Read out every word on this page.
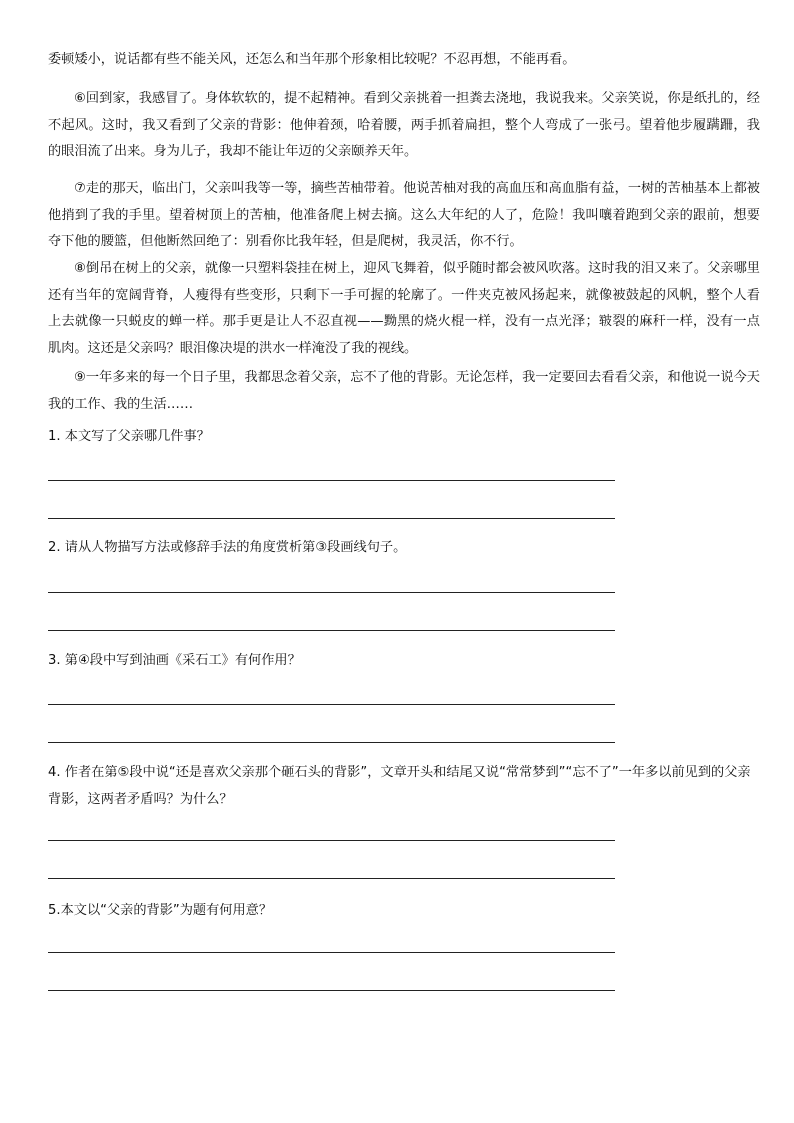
委顿矮小，说话都有些不能关风，还怎么和当年那个形象相比较呢？不忍再想，不能再看。

⑥回到家，我感冒了。身体软软的，提不起精神。看到父亲挑着一担粪去浇地，我说我来。父亲笑说，你是纸扎的，经不起风。这时，我又看到了父亲的背影：他伸着颈，哈着腰，两手抓着扁担，整个人弯成了一张弓。望着他步履蹒跚，我的眼泪流了出来。身为儿子，我却不能让年迈的父亲颐养天年。

⑦走的那天，临出门，父亲叫我等一等，摘些苦柚带着。他说苦柚对我的高血压和高血脂有益，一树的苦柚基本上都被他捎到了我的手里。望着树顶上的苦柚，他准备爬上树去摘。这么大年纪的人了，危险！我叫嚷着跑到父亲的跟前，想要夺下他的腰篮，但他断然回绝了：别看你比我年轻，但是爬树，我灵活，你不行。

⑧倒吊在树上的父亲，就像一只塑料袋挂在树上，迎风飞舞着，似乎随时都会被风吹落。这时我的泪又来了。父亲哪里还有当年的宽阔背脊，人瘦得有些变形，只剩下一手可握的轮廓了。一件夹克被风扬起来，就像被鼓起的风帆，整个人看上去就像一只蜕皮的蝉一样。那手更是让人不忍直视——黝黑的烧火棍一样，没有一点光泽；皲裂的麻秆一样，没有一点肌肉。这还是父亲吗？眼泪像决堤的洪水一样淹没了我的视线。

⑨一年多来的每一个日子里，我都思念着父亲，忘不了他的背影。无论怎样，我一定要回去看看父亲，和他说一说今天我的工作、我的生活……

1. 本文写了父亲哪几件事？

2. 请从人物描写方法或修辞手法的角度赏析第③段画线句子。

3. 第④段中写到油画《采石工》有何作用？

4. 作者在第⑤段中说“还是喜欢父亲那个砸石头的背影”，文章开头和结尾又说“常常梦到”“忘不了”一年多以前见到的父亲背影，这两者矛盾吗？为什么？

5.本文以“父亲的背影”为题有何用意？
